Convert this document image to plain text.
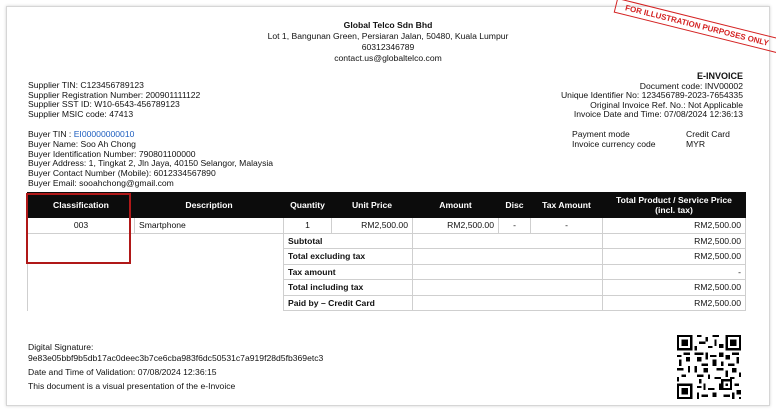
Global Telco Sdn Bhd
Lot 1, Bangunan Green, Persiaran Jalan, 50480, Kuala Lumpur
60312346789
contact.us@globaltelco.com
FOR ILLUSTRATION PURPOSES ONLY
Supplier TIN: C123456789123
Supplier Registration Number: 200901111122
Supplier SST ID: W10-6543-456789123
Supplier MSIC code: 47413
E-INVOICE
Document code: INV00002
Unique Identifier No: 123456789-2023-7654335
Original Invoice Ref. No.: Not Applicable
Invoice Date and Time: 07/08/2024 12:36:13
Buyer TIN : EI00000000010
Buyer Name: Soo Ah Chong
Buyer Identification Number: 790801100000
Buyer Address: 1, Tingkat 2, Jln Jaya, 40150 Selangor, Malaysia
Buyer Contact Number (Mobile): 6012334567890
Buyer Email: sooahchong@gmail.com
Payment mode	Credit Card
Invoice currency code	MYR
Classification	Description	Quantity	Unit Price	Amount	Disc	Tax Amount	Total Product / Service Price (incl. tax)
003	Smartphone	1	RM2,500.00	RM2,500.00	-	-	RM2,500.00
		Subtotal					RM2,500.00
		Total excluding tax					RM2,500.00
		Tax amount					-
		Total including tax					RM2,500.00
		Paid by – Credit Card					RM2,500.00
Digital Signature:
9e83e05bbf9b5db17ac0deec3b7ce6cba983f6dc50531c7a919f28d5fb369etc3
Date and Time of Validation: 07/08/2024 12:36:15
This document is a visual presentation of the e-Invoice
